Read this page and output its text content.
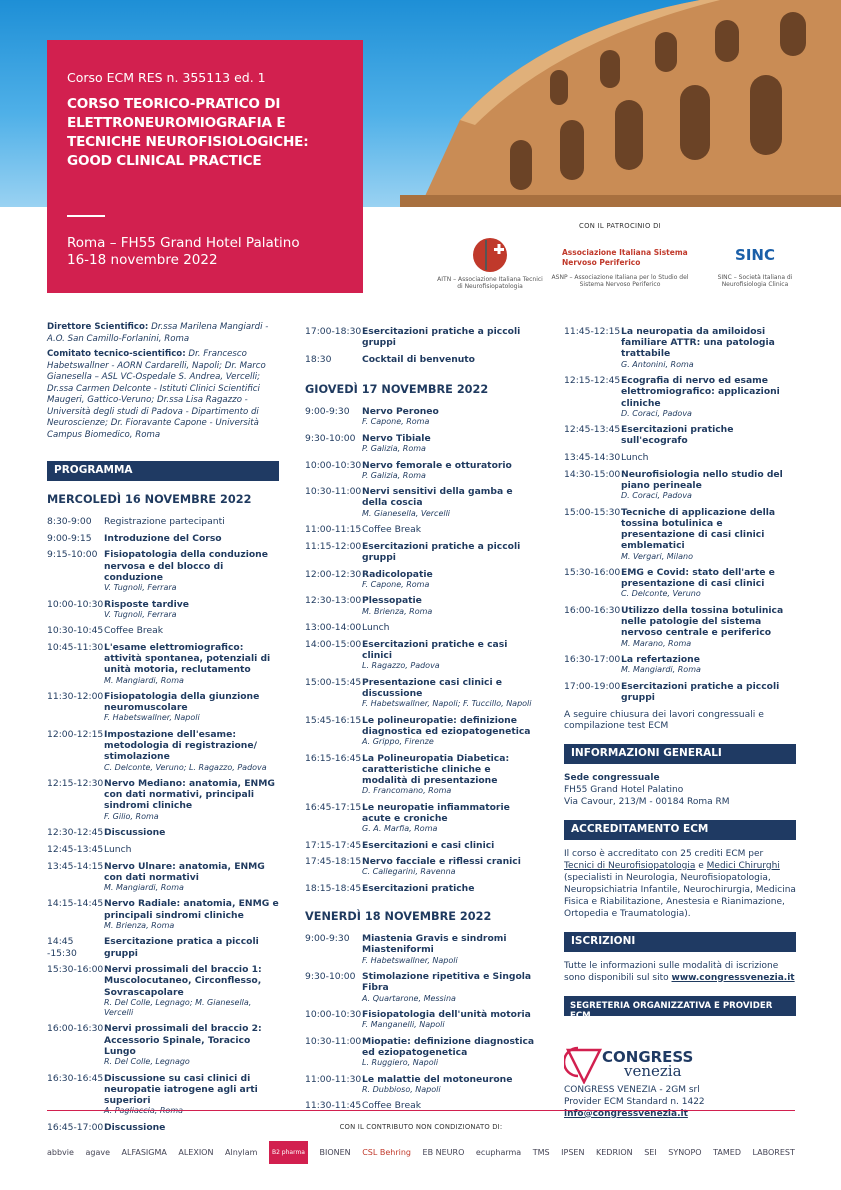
Corso ECM RES n. 355113 ed. 1
CORSO TEORICO-PRATICO DI ELETTRONEUROMIOGRAFIA E TECNICHE NEUROFISIOLOGICHE: GOOD CLINICAL PRACTICE
Roma – FH55 Grand Hotel Palatino
16-18 novembre 2022
CON IL PATROCINIO DI
AITN – Associazione Italiana Tecnici di Neurofisiopatologia
Associazione Italiana Sistema Nervoso Periferico
ASNP – Associazione Italiana per lo Studio del Sistema Nervoso Periferico
SINC
SINC – Società Italiana di Neurofisiologia Clinica
Direttore Scientifico: Dr.ssa Marilena Mangiardi - A.O. San Camillo-Forlanini, Roma
Comitato tecnico-scientifico: Dr. Francesco Habetswallner - AORN Cardarelli, Napoli; Dr. Marco Gianesella – ASL VC-Ospedale S. Andrea, Vercelli; Dr.ssa Carmen Delconte - Istituti Clinici Scientifici Maugeri, Gattico-Veruno; Dr.ssa Lisa Ragazzo - Università degli studi di Padova - Dipartimento di Neuroscienze; Dr. Fioravante Capone - Università Campus Biomedico, Roma
PROGRAMMA
MERCOLEDÌ 16 NOVEMBRE 2022
8:30-9:00	Registrazione partecipanti
9:00-9:15	Introduzione del Corso
9:15-10:00 Fisiopatologia della conduzione nervosa e del blocco di conduzione
V. Tugnoli, Ferrara
10:00-10:30 Risposte tardive
V. Tugnoli, Ferrara
10:30-10:45 Coffee Break
10:45-11:30 L'esame elettromiografico: attività spontanea, potenziali di unità motoria, reclutamento
M. Mangiardi, Roma
11:30-12:00 Fisiopatologia della giunzione neuromuscolare
F. Habetswallner, Napoli
12:00-12:15 Impostazione dell'esame: metodologia di registrazione/ stimolazione
C. Delconte, Veruno; L. Ragazzo, Padova
12:15-12:30 Nervo Mediano: anatomia, ENMG con dati normativi, principali sindromi cliniche
F. Gilio, Roma
12:30-12:45 Discussione
12:45-13:45 Lunch
13:45-14:15 Nervo Ulnare: anatomia, ENMG con dati normativi
M. Mangiardi, Roma
14:15-14:45 Nervo Radiale: anatomia, ENMG e principali sindromi cliniche
M. Brienza, Roma
14:45 -15:30
Esercitazione pratica a piccoli gruppi
15:30-16:00 Nervi prossimali del braccio 1: Muscolocutaneo, Circonflesso, Sovrascapolare
R. Del Colle, Legnago; M. Gianesella, Vercelli
16:00-16:30 Nervi prossimali del braccio 2: Accessorio Spinale, Toracico Lungo
R. Del Colle, Legnago
16:30-16:45 Discussione su casi clinici di neuropatie iatrogene agli arti superiori
A. Pagliaccia, Roma
16:45-17:00 Discussione
17:00-18:30 Esercitazioni pratiche a piccoli gruppi
18:30	Cocktail di benvenuto
GIOVEDÌ 17 NOVEMBRE 2022
9:00-9:30	Nervo Peroneo
F. Capone, Roma
9:30-10:00 Nervo Tibiale
P. Galizia, Roma
10:00-10:30 Nervo femorale e otturatorio
P. Galizia, Roma
10:30-11:00 Nervi sensitivi della gamba e della coscia
M. Gianesella, Vercelli
11:00-11:15 Coffee Break
11:15-12:00 Esercitazioni pratiche a piccoli gruppi
12:00-12:30 Radicolopatie
F. Capone, Roma
12:30-13:00 Plessopatie
M. Brienza, Roma
13:00-14:00 Lunch
14:00-15:00 Esercitazioni pratiche e casi clinici
L. Ragazzo, Padova
15:00-15:45 Presentazione casi clinici e discussione
F. Habetswallner, Napoli; F. Tuccillo, Napoli
15:45-16:15 Le polineuropatie: definizione diagnostica ed eziopatogenetica
A. Grippo, Firenze
16:15-16:45 La Polineuropatia Diabetica: caratteristiche cliniche e modalità di presentazione
D. Francomano, Roma
16:45-17:15 Le neuropatie infiammatorie acute e croniche
G. A. Marfia, Roma
17:15-17:45 Esercitazioni e casi clinici
17:45-18:15 Nervo facciale e riflessi cranici
C. Callegarini, Ravenna
18:15-18:45 Esercitazioni pratiche
VENERDÌ 18 NOVEMBRE 2022
9:00-9:30	Miastenia Gravis e sindromi Miasteniformi
F. Habetswallner, Napoli
9:30-10:00 Stimolazione ripetitiva e Singola Fibra
A. Quartarone, Messina
10:00-10:30 Fisiopatologia dell'unità motoria
F. Manganelli, Napoli
10:30-11:00 Miopatie: definizione diagnostica ed eziopatogenetica
L. Ruggiero, Napoli
11:00-11:30 Le malattie del motoneurone
R. Dubbioso, Napoli
11:30-11:45 Coffee Break
11:45-12:15 La neuropatia da amiloidosi familiare ATTR: una patologia trattabile
G. Antonini, Roma
12:15-12:45 Ecografia di nervo ed esame elettromiografico: applicazioni cliniche
D. Coraci, Padova
12:45-13:45 Esercitazioni pratiche sull'ecografo
13:45-14:30 Lunch
14:30-15:00 Neurofisiologia nello studio del piano perineale
D. Coraci, Padova
15:00-15:30 Tecniche di applicazione della tossina botulinica e presentazione di casi clinici emblematici
M. Vergari, Milano
15:30-16:00 EMG e Covid: stato dell'arte e presentazione di casi clinici
C. Delconte, Veruno
16:00-16:30 Utilizzo della tossina botulinica nelle patologie del sistema nervoso centrale e periferico
M. Marano, Roma
16:30-17:00 La refertazione
M. Mangiardi, Roma
17:00-19:00 Esercitazioni pratiche a piccoli gruppi
A seguire chiusura dei lavori congressuali e compilazione test ECM
INFORMAZIONI GENERALI
Sede congressuale
FH55 Grand Hotel Palatino
Via Cavour, 213/M - 00184 Roma RM
ACCREDITAMENTO ECM
Il corso è accreditato con 25 crediti ECM per Tecnici di Neurofisiopatologia e Medici Chirurghi (specialisti in Neurologia, Neurofisiopatologia, Neuropsichiatria Infantile, Neurochirurgia, Medicina Fisica e Riabilitazione, Anestesia e Rianimazione, Ortopedia e Traumatologia).
ISCRIZIONI
Tutte le informazioni sulle modalità di iscrizione sono disponibili sul sito www.congressvenezia.it
SEGRETERIA ORGANIZZATIVA E PROVIDER ECM
CONGRESS
venezia
CONGRESS VENEZIA - 2GM srl
Provider ECM Standard n. 1422
info@congressvenezia.it
CON IL CONTRIBUTO NON CONDIZIONATO DI:
abbvie agave ALFASIGMA ALEXION Alnylam	B2 pharma	BIONEN CSL Behring EB NEURO ecupharma TMS IPSEN KEDRION SEI SYNOPO TAMED LABOREST
